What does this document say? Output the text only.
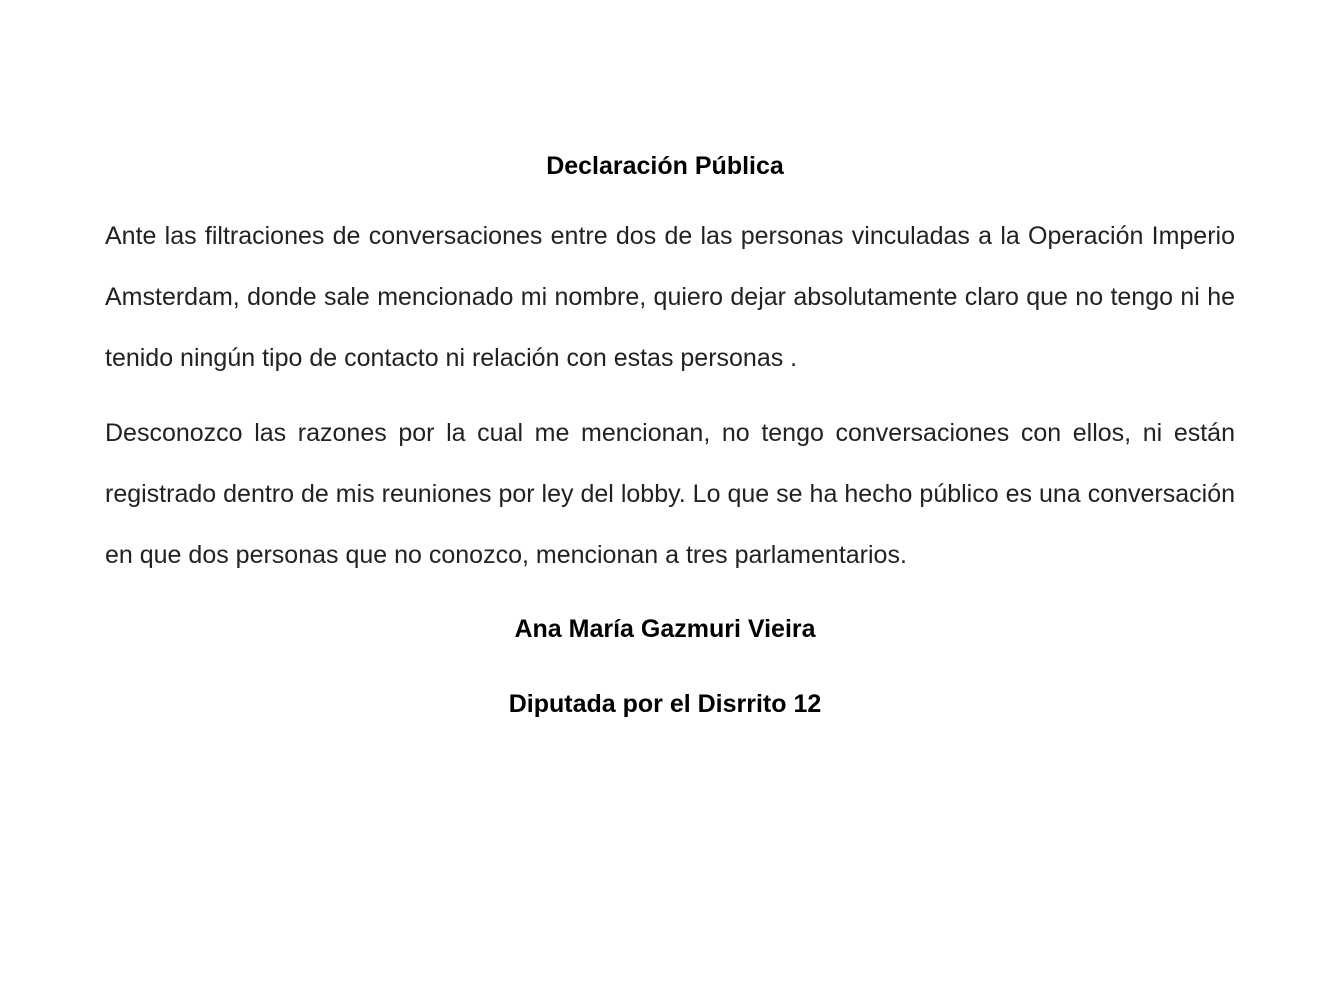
Declaración Pública

Ante las filtraciones de conversaciones entre dos de las personas vinculadas a la Operación Imperio Amsterdam, donde sale mencionado mi nombre, quiero dejar absolutamente claro que no tengo ni he tenido ningún tipo de contacto ni relación con estas personas .

Desconozco las razones por la cual me mencionan, no tengo conversaciones con ellos, ni están registrado dentro de mis reuniones por ley del lobby. Lo que se ha hecho público es una conversación en que dos personas que no conozco, mencionan a tres parlamentarios.

Ana María Gazmuri Vieira
Diputada por el Disrrito 12
